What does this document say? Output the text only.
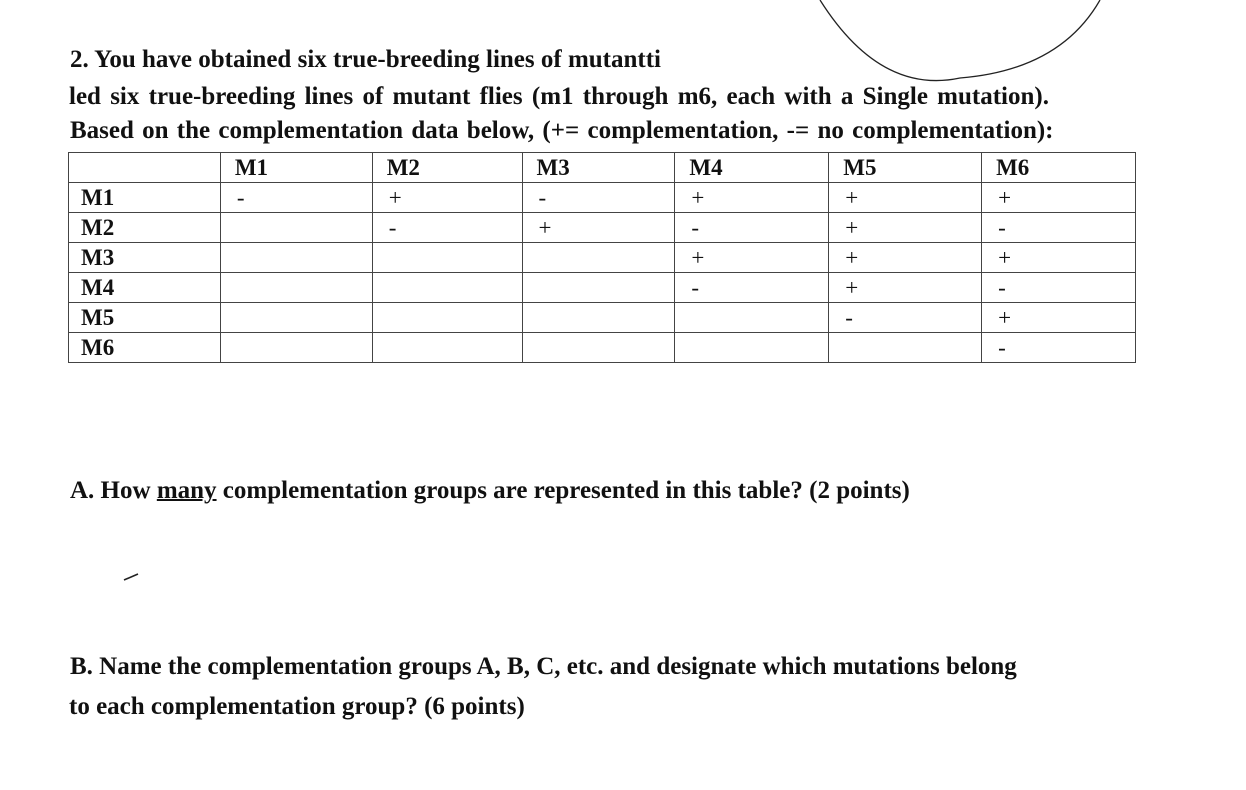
2. You have obtained six true-breeding lines of mutantti
led six true-breeding lines of mutant flies (m1 through m6, each with a Single mutation).
Based on the complementation data below, (+= complementation, -= no complementation):
	M1	M2	M3	M4	M5	M6
M1	-	+	-	+	+	+
M2		-	+	-	+	-
M3				+	+	+
M4				-	+	-
M5					-	+
M6						-
A. How many complementation groups are represented in this table? (2 points)
B. Name the complementation groups A, B, C, etc. and designate which mutations belong
to each complementation group? (6 points)
